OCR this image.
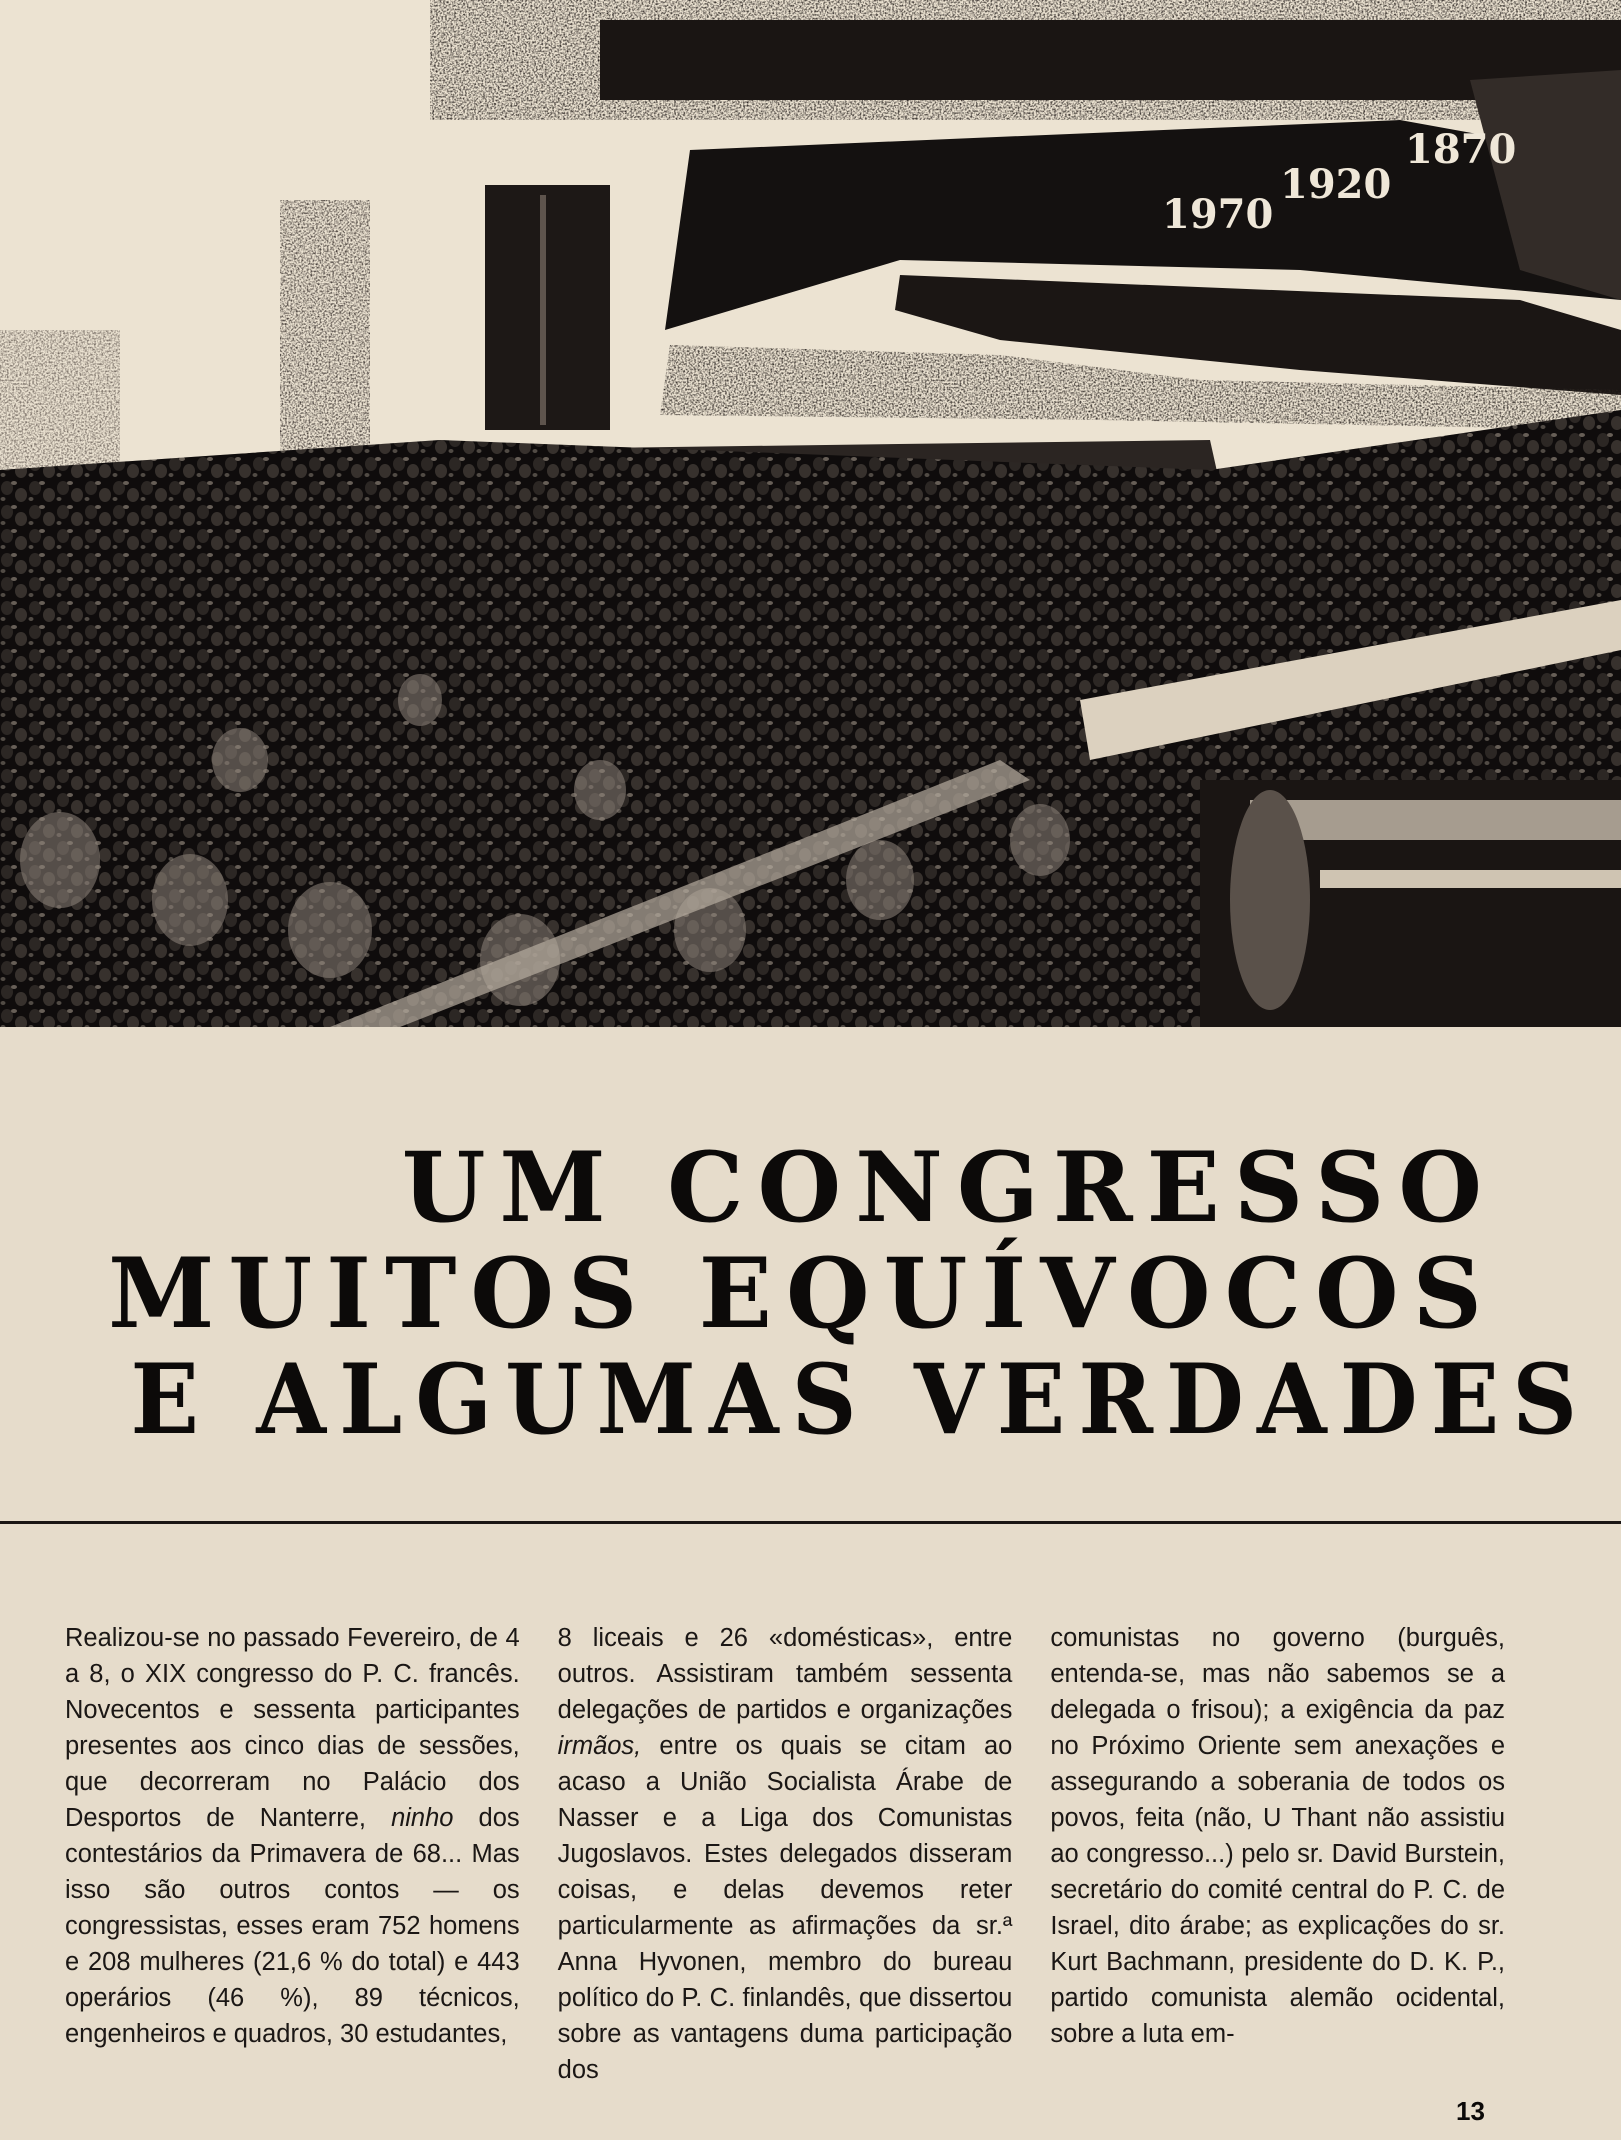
1870
1920
1970
UM CONGRESSO
MUITOS EQUÍVOCOS
E ALGUMAS VERDADES

Realizou-se no passado Fevereiro, de 4 a 8, o XIX congresso do P. C. francês. Novecentos e sessenta participantes presentes aos cinco dias de sessões, que decorreram no Palácio dos Desportos de Nanterre, ninho dos contestários da Primavera de 68... Mas isso são outros contos — os congressistas, esses eram 752 homens e 208 mulheres (21,6 % do total) e 443 operários (46 %), 89 técnicos, engenheiros e quadros, 30 estudantes,

8 liceais e 26 «domésticas», entre outros. Assistiram também sessenta delegações de partidos e organizações irmãos, entre os quais se citam ao acaso a União Socialista Árabe de Nasser e a Liga dos Comunistas Jugoslavos. Estes delegados disseram coisas, e delas devemos reter particularmente as afirmações da sr.ª Anna Hyvonen, membro do bureau político do P. C. finlandês, que dissertou sobre as vantagens duma participação dos

comunistas no governo (burguês, entenda-se, mas não sabemos se a delegada o frisou); a exigência da paz no Próximo Oriente sem anexações e assegurando a soberania de todos os povos, feita (não, U Thant não assistiu ao congresso...) pelo sr. David Burstein, secretário do comité central do P. C. de Israel, dito árabe; as explicações do sr. Kurt Bachmann, presidente do D. K. P., partido comunista alemão ocidental, sobre a luta em-

13
